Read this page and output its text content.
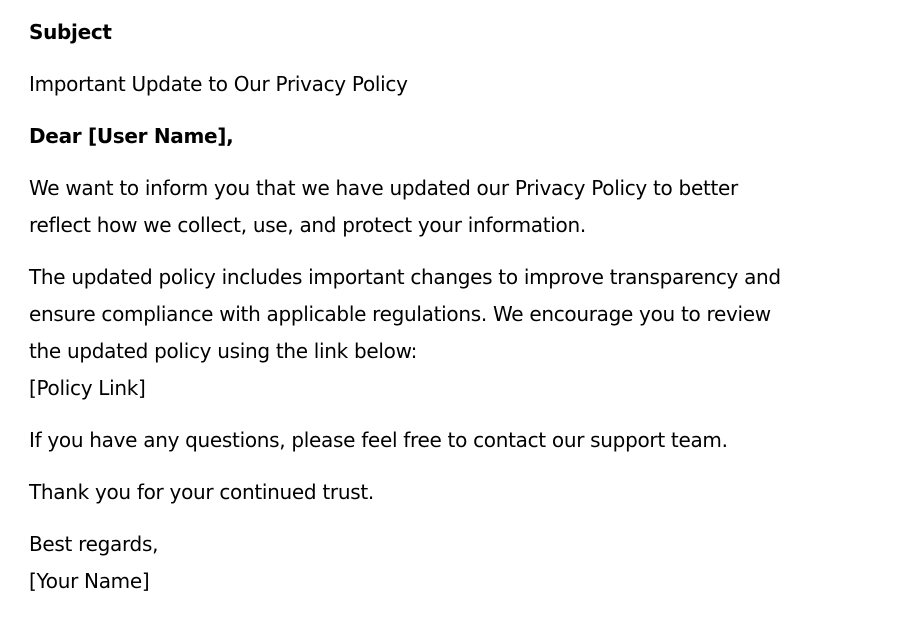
Subject

Important Update to Our Privacy Policy

Dear [User Name],

We want to inform you that we have updated our Privacy Policy to better
reflect how we collect, use, and protect your information.

The updated policy includes important changes to improve transparency and
ensure compliance with applicable regulations. We encourage you to review
the updated policy using the link below:
[Policy Link]

If you have any questions, please feel free to contact our support team.

Thank you for your continued trust.

Best regards,
[Your Name]
